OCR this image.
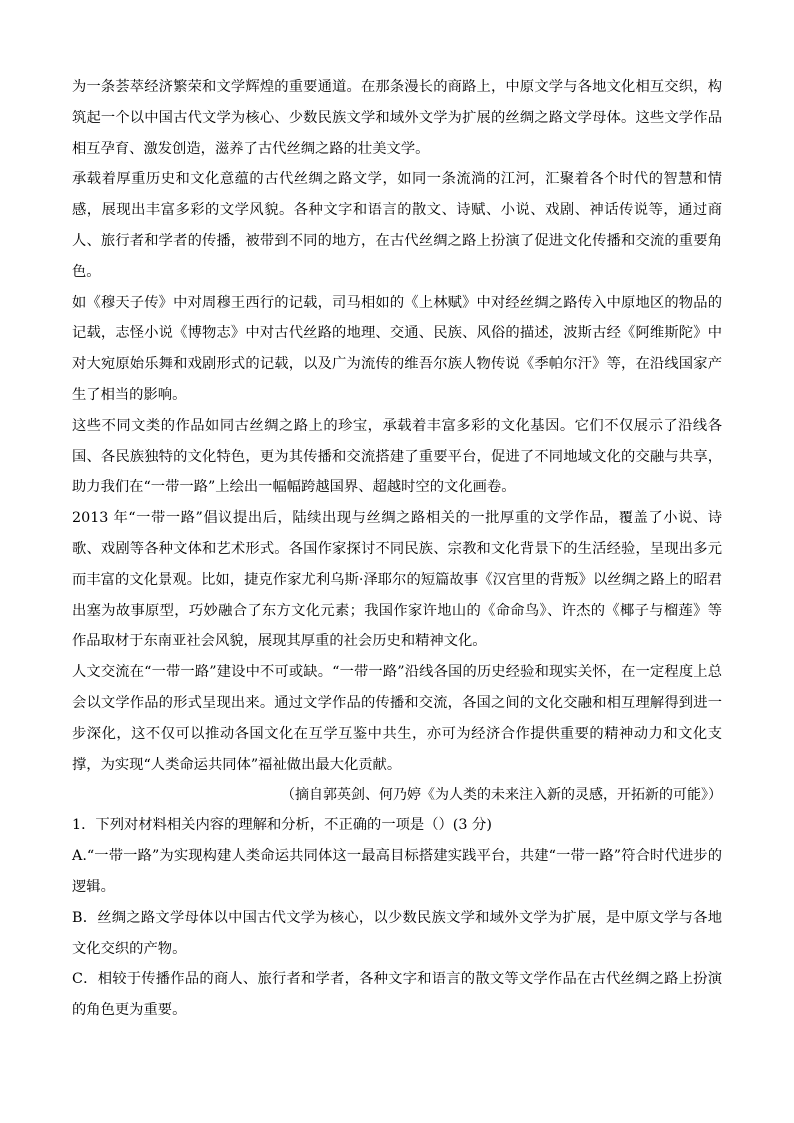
为一条荟萃经济繁荣和文学辉煌的重要通道。在那条漫长的商路上，中原文学与各地文化相互交织，构筑起一个以中国古代文学为核心、少数民族文学和域外文学为扩展的丝绸之路文学母体。这些文学作品相互孕育、激发创造，滋养了古代丝绸之路的壮美文学。

承载着厚重历史和文化意蕴的古代丝绸之路文学，如同一条流淌的江河，汇聚着各个时代的智慧和情感，展现出丰富多彩的文学风貌。各种文字和语言的散文、诗赋、小说、戏剧、神话传说等，通过商人、旅行者和学者的传播，被带到不同的地方，在古代丝绸之路上扮演了促进文化传播和交流的重要角色。

如《穆天子传》中对周穆王西行的记载，司马相如的《上林赋》中对经丝绸之路传入中原地区的物品的记载，志怪小说《博物志》中对古代丝路的地理、交通、民族、风俗的描述，波斯古经《阿维斯陀》中对大宛原始乐舞和戏剧形式的记载，以及广为流传的维吾尔族人物传说《季帕尔汗》等，在沿线国家产生了相当的影响。

这些不同文类的作品如同古丝绸之路上的珍宝，承载着丰富多彩的文化基因。它们不仅展示了沿线各国、各民族独特的文化特色，更为其传播和交流搭建了重要平台，促进了不同地域文化的交融与共享，助力我们在“一带一路”上绘出一幅幅跨越国界、超越时空的文化画卷。

2013 年“一带一路”倡议提出后，陆续出现与丝绸之路相关的一批厚重的文学作品，覆盖了小说、诗歌、戏剧等各种文体和艺术形式。各国作家探讨不同民族、宗教和文化背景下的生活经验，呈现出多元而丰富的文化景观。比如，捷克作家尤利乌斯·泽耶尔的短篇故事《汉宫里的背叛》以丝绸之路上的昭君出塞为故事原型，巧妙融合了东方文化元素；我国作家许地山的《命命鸟》、许杰的《椰子与榴莲》等作品取材于东南亚社会风貌，展现其厚重的社会历史和精神文化。

人文交流在“一带一路”建设中不可或缺。“一带一路”沿线各国的历史经验和现实关怀，在一定程度上总会以文学作品的形式呈现出来。通过文学作品的传播和交流，各国之间的文化交融和相互理解得到进一步深化，这不仅可以推动各国文化在互学互鉴中共生，亦可为经济合作提供重要的精神动力和文化支撑，为实现“人类命运共同体”福祉做出最大化贡献。

（摘自郭英剑、何乃婷《为人类的未来注入新的灵感，开拓新的可能》）

1．下列对材料相关内容的理解和分析，不正确的一项是（）(3 分)

A.“一带一路”为实现构建人类命运共同体这一最高目标搭建实践平台，共建“一带一路”符合时代进步的逻辑。

B．丝绸之路文学母体以中国古代文学为核心，以少数民族文学和域外文学为扩展，是中原文学与各地文化交织的产物。

C．相较于传播作品的商人、旅行者和学者，各种文字和语言的散文等文学作品在古代丝绸之路上扮演的角色更为重要。
